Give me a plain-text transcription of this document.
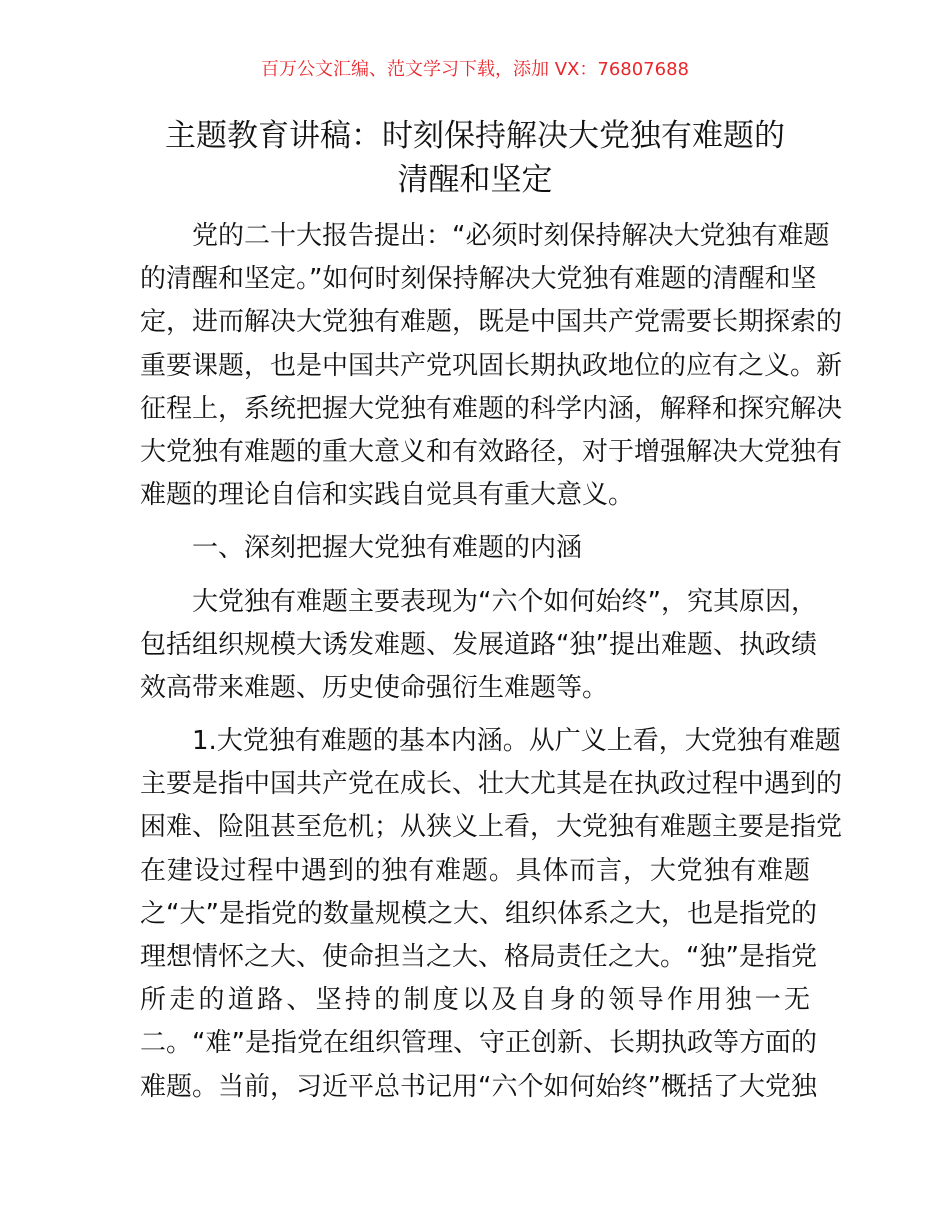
百万公文汇编、范文学习下载，添加 VX：76807688
主题教育讲稿：时刻保持解决大党独有难题的
清醒和坚定
党的二十大报告提出：“必须时刻保持解决大党独有难题
的清醒和坚定。”如何时刻保持解决大党独有难题的清醒和坚
定，进而解决大党独有难题，既是中国共产党需要长期探索的
重要课题，也是中国共产党巩固长期执政地位的应有之义。新
征程上，系统把握大党独有难题的科学内涵，解释和探究解决
大党独有难题的重大意义和有效路径，对于增强解决大党独有
难题的理论自信和实践自觉具有重大意义。
一、深刻把握大党独有难题的内涵
大党独有难题主要表现为“六个如何始终”，究其原因，
包括组织规模大诱发难题、发展道路“独”提出难题、执政绩
效高带来难题、历史使命强衍生难题等。
1.大党独有难题的基本内涵。从广义上看，大党独有难题
主要是指中国共产党在成长、壮大尤其是在执政过程中遇到的
困难、险阻甚至危机；从狭义上看，大党独有难题主要是指党
在建设过程中遇到的独有难题。具体而言，大党独有难题
之“大”是指党的数量规模之大、组织体系之大，也是指党的
理想情怀之大、使命担当之大、格局责任之大。“独”是指党
所走的道路、坚持的制度以及自身的领导作用独一无
二。“难”是指党在组织管理、守正创新、长期执政等方面的
难题。当前，习近平总书记用“六个如何始终”概括了大党独
